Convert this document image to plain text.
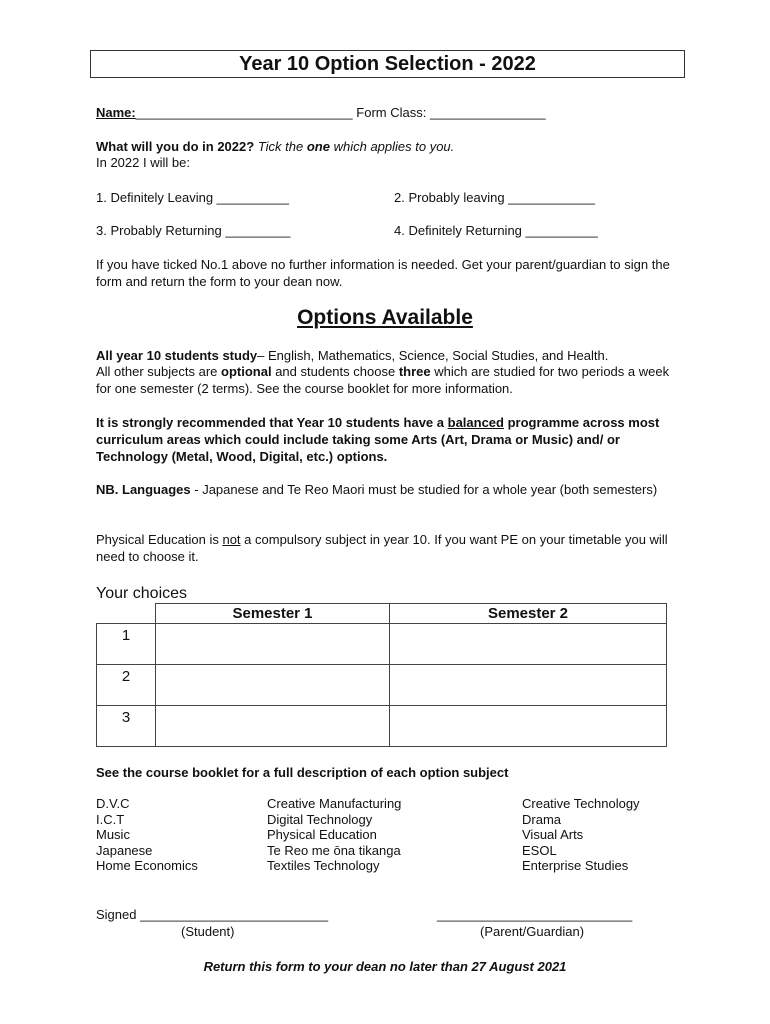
Year 10 Option Selection - 2022
Name:______________________________ Form Class: ________________
What will you do in 2022? Tick the one which applies to you.
In 2022 I will be:
1. Definitely Leaving __________	2. Probably leaving ____________
3. Probably Returning _________	4. Definitely Returning __________
If you have ticked No.1 above no further information is needed. Get your parent/guardian to sign the form and return the form to your dean now.
Options Available
All year 10 students study– English, Mathematics, Science, Social Studies, and Health.
All other subjects are optional and students choose three which are studied for two periods a week for one semester (2 terms). See the course booklet for more information.
It is strongly recommended that Year 10 students have a balanced programme across most curriculum areas which could include taking some Arts (Art, Drama or Music) and/ or Technology (Metal, Wood, Digital, etc.) options.
NB. Languages - Japanese and Te Reo Maori must be studied for a whole year (both semesters)
Physical Education is not a compulsory subject in year 10. If you want PE on your timetable you will need to choose it.
Your choices
	Semester 1	Semester 2
1		
2		
3		
See the course booklet for a full description of each option subject
D.V.C
I.C.T
Music
Japanese
Home Economics
Creative Manufacturing
Digital Technology
Physical Education
Te Reo me ōna tikanga
Textiles Technology
Creative Technology
Drama
Visual Arts
ESOL
Enterprise Studies
Signed __________________________	___________________________
(Student)	(Parent/Guardian)
Return this form to your dean no later than 27 August 2021
